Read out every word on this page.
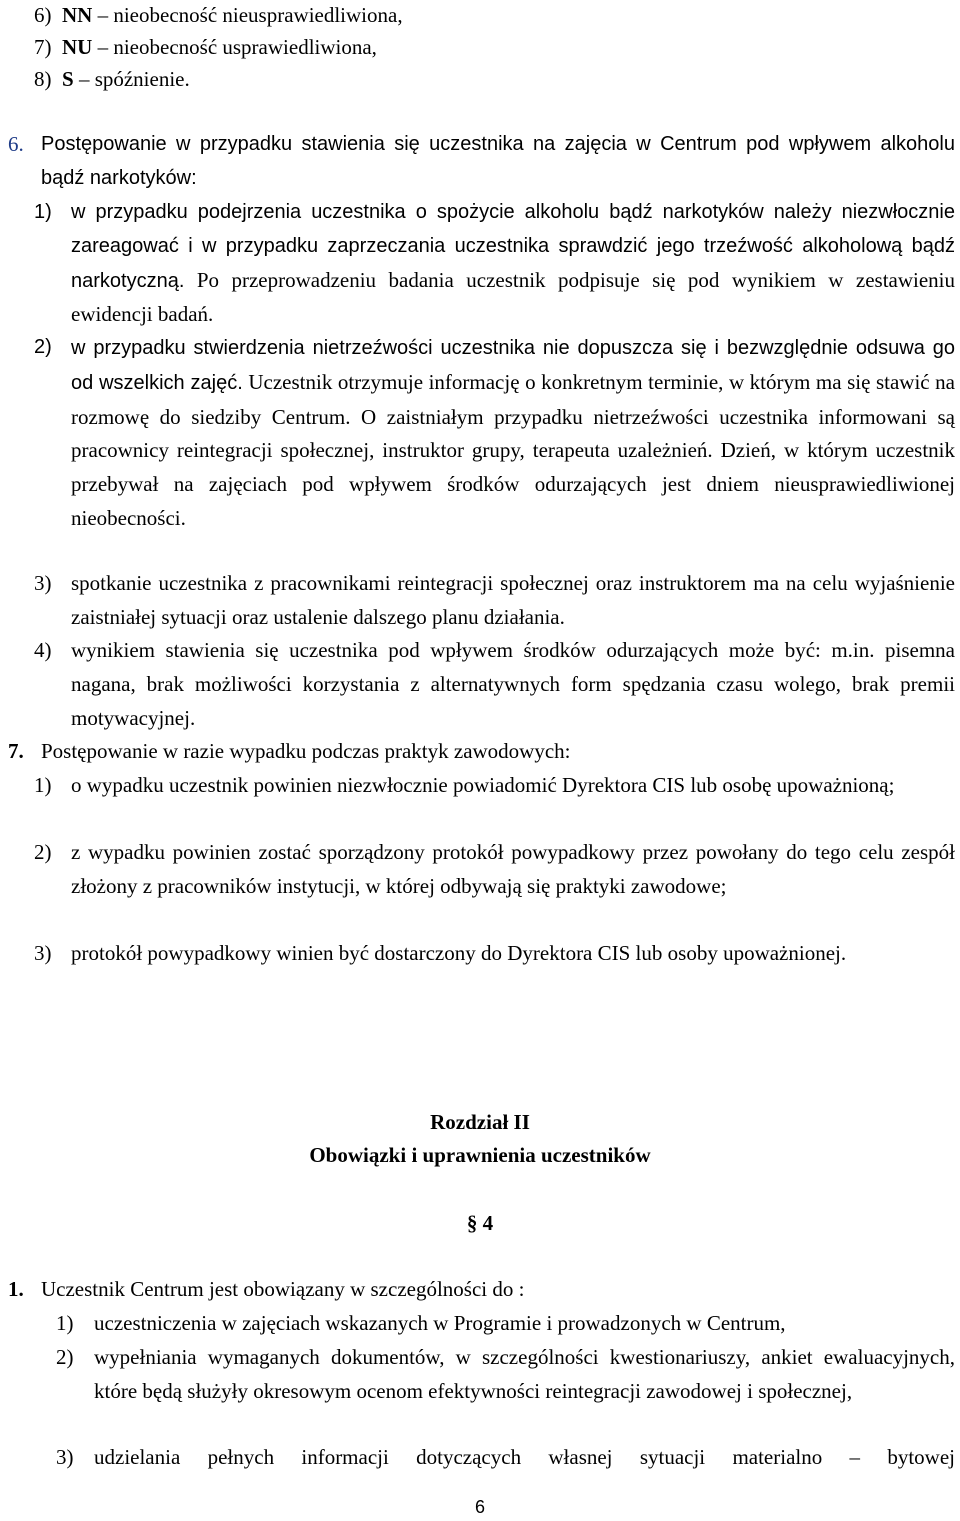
6) NN – nieobecność nieusprawiedliwiona,
7) NU – nieobecność usprawiedliwiona,
8) S – spóźnienie.
6. Postępowanie w przypadku stawienia się uczestnika na zajęcia w Centrum pod wpływem alkoholu bądź narkotyków:
1) w przypadku podejrzenia uczestnika o spożycie alkoholu bądź narkotyków należy niezwłocznie zareagować i w przypadku zaprzeczania uczestnika sprawdzić jego trzeźwość alkoholową bądź narkotyczną. Po przeprowadzeniu badania uczestnik podpisuje się pod wynikiem w zestawieniu ewidencji badań.
2) w przypadku stwierdzenia nietrzeźwości uczestnika nie dopuszcza się i bezwzględnie odsuwa go od wszelkich zajęć. Uczestnik otrzymuje informację o konkretnym terminie, w którym ma się stawić na rozmowę do siedziby Centrum. O zaistniałym przypadku nietrzeźwości uczestnika informowani są pracownicy reintegracji społecznej, instruktor grupy, terapeuta uzależnień. Dzień, w którym uczestnik przebywał na zajęciach pod wpływem środków odurzających jest dniem nieusprawiedliwionej nieobecności.
3) spotkanie uczestnika z pracownikami reintegracji społecznej oraz instruktorem ma na celu wyjaśnienie zaistniałej sytuacji oraz ustalenie dalszego planu działania.
4) wynikiem stawienia się uczestnika pod wpływem środków odurzających może być: m.in. pisemna nagana, brak możliwości korzystania z alternatywnych form spędzania czasu wolego, brak premii motywacyjnej.
7. Postępowanie w razie wypadku podczas praktyk zawodowych:
1) o wypadku uczestnik powinien niezwłocznie powiadomić Dyrektora CIS lub osobę upoważnioną;
2) z wypadku powinien zostać sporządzony protokół powypadkowy przez powołany do tego celu zespół złożony z pracowników instytucji, w której odbywają się praktyki zawodowe;
3) protokół powypadkowy winien być dostarczony do Dyrektora CIS lub osoby upoważnionej.
Rozdział II
Obowiązki i uprawnienia uczestników
§ 4
1. Uczestnik Centrum jest obowiązany w szczególności do :
1) uczestniczenia w zajęciach wskazanych w Programie i prowadzonych w Centrum,
2) wypełniania wymaganych dokumentów, w szczególności kwestionariuszy, ankiet ewaluacyjnych, które będą służyły okresowym ocenom efektywności reintegracji zawodowej i społecznej,
3) udzielania pełnych informacji dotyczących własnej sytuacji materialno – bytowej
6
